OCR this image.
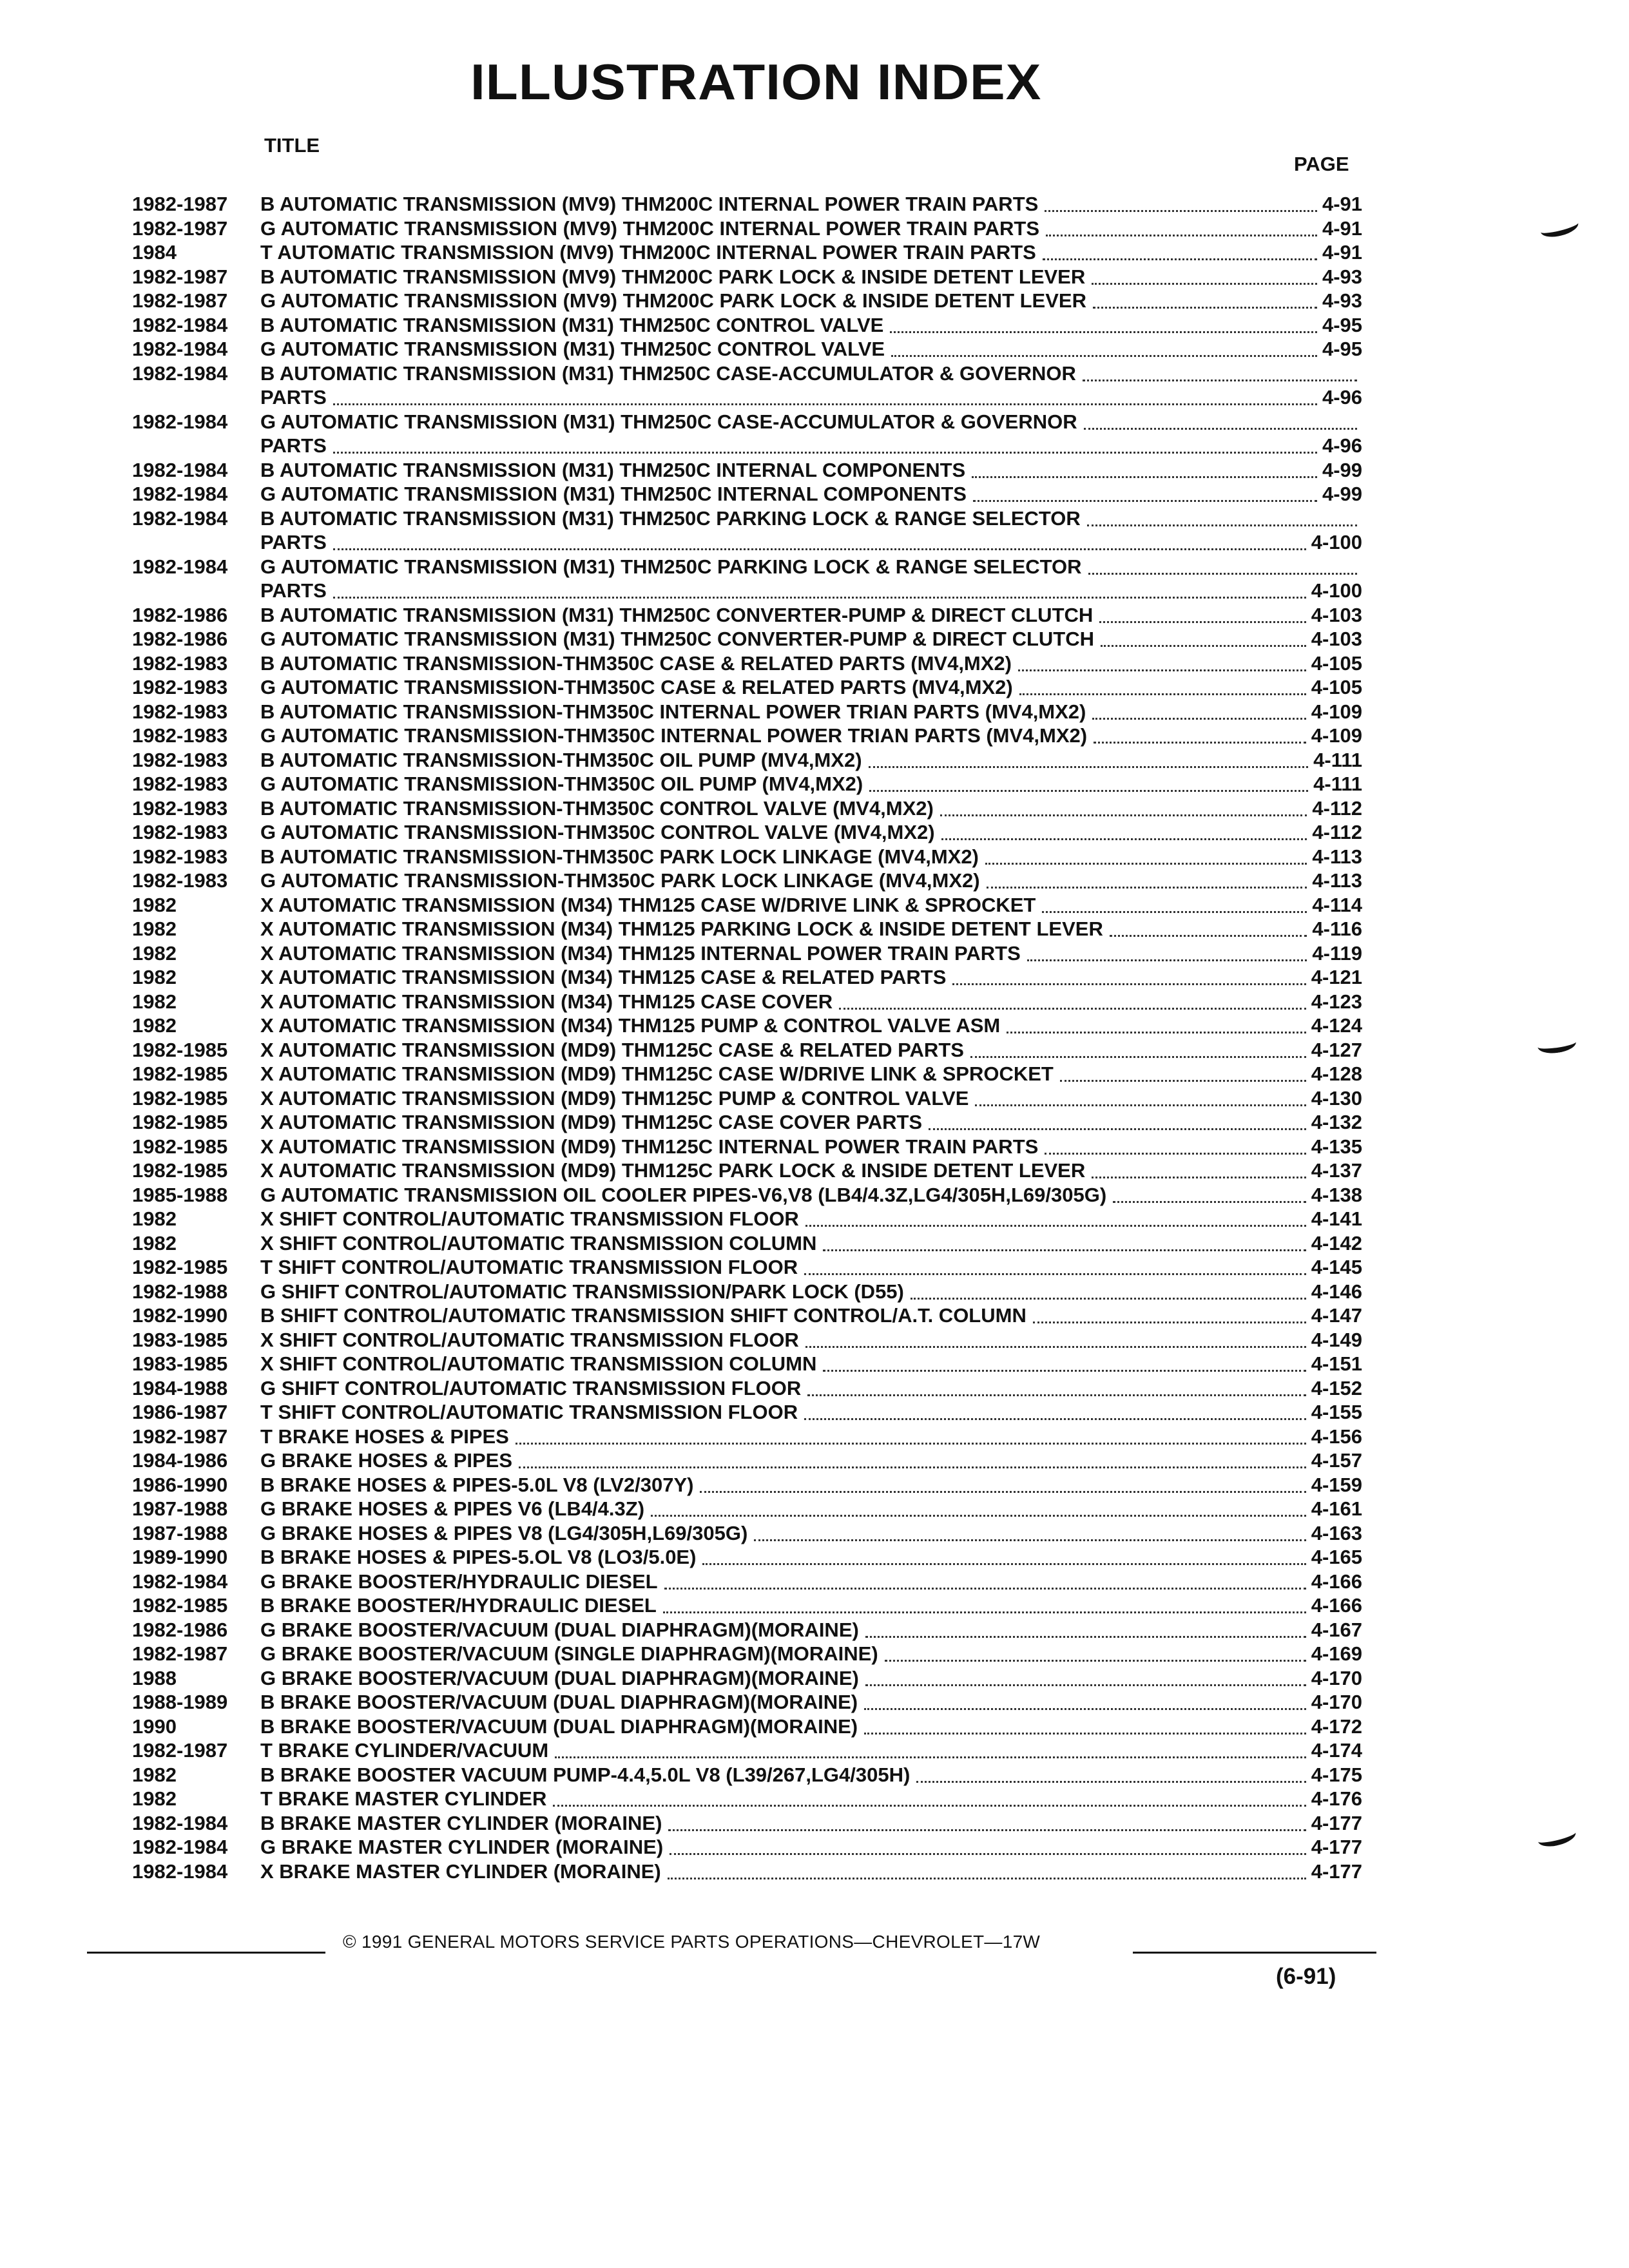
ILLUSTRATION INDEX
TITLE
PAGE
1982-1987 B AUTOMATIC TRANSMISSION (MV9) THM200C INTERNAL POWER TRAIN PARTS	4-91
1982-1987 G AUTOMATIC TRANSMISSION (MV9) THM200C INTERNAL POWER TRAIN PARTS	4-91
1984	T AUTOMATIC TRANSMISSION (MV9) THM200C INTERNAL POWER TRAIN PARTS	4-91
1982-1987 B AUTOMATIC TRANSMISSION (MV9) THM200C PARK LOCK & INSIDE DETENT LEVER	4-93
1982-1987 G AUTOMATIC TRANSMISSION (MV9) THM200C PARK LOCK & INSIDE DETENT LEVER	4-93
1982-1984 B AUTOMATIC TRANSMISSION (M31) THM250C CONTROL VALVE	4-95
1982-1984 G AUTOMATIC TRANSMISSION (M31) THM250C CONTROL VALVE	4-95
1982-1984 B AUTOMATIC TRANSMISSION (M31) THM250C CASE-ACCUMULATOR & GOVERNOR
PARTS	4-96
1982-1984 G AUTOMATIC TRANSMISSION (M31) THM250C CASE-ACCUMULATOR & GOVERNOR
PARTS	4-96
1982-1984 B AUTOMATIC TRANSMISSION (M31) THM250C INTERNAL COMPONENTS	4-99
1982-1984 G AUTOMATIC TRANSMISSION (M31) THM250C INTERNAL COMPONENTS	4-99
1982-1984 B AUTOMATIC TRANSMISSION (M31) THM250C PARKING LOCK & RANGE SELECTOR
PARTS	4-100
1982-1984 G AUTOMATIC TRANSMISSION (M31) THM250C PARKING LOCK & RANGE SELECTOR
PARTS	4-100
1982-1986 B AUTOMATIC TRANSMISSION (M31) THM250C CONVERTER-PUMP & DIRECT CLUTCH	4-103
1982-1986 G AUTOMATIC TRANSMISSION (M31) THM250C CONVERTER-PUMP & DIRECT CLUTCH	4-103
1982-1983 B AUTOMATIC TRANSMISSION-THM350C CASE & RELATED PARTS (MV4,MX2)	4-105
1982-1983 G AUTOMATIC TRANSMISSION-THM350C CASE & RELATED PARTS (MV4,MX2)	4-105
1982-1983 B AUTOMATIC TRANSMISSION-THM350C INTERNAL POWER TRIAN PARTS (MV4,MX2)	4-109
1982-1983 G AUTOMATIC TRANSMISSION-THM350C INTERNAL POWER TRIAN PARTS (MV4,MX2)	4-109
1982-1983 B AUTOMATIC TRANSMISSION-THM350C OIL PUMP (MV4,MX2)	4-111
1982-1983 G AUTOMATIC TRANSMISSION-THM350C OIL PUMP (MV4,MX2)	4-111
1982-1983 B AUTOMATIC TRANSMISSION-THM350C CONTROL VALVE (MV4,MX2)	4-112
1982-1983 G AUTOMATIC TRANSMISSION-THM350C CONTROL VALVE (MV4,MX2)	4-112
1982-1983 B AUTOMATIC TRANSMISSION-THM350C PARK LOCK LINKAGE (MV4,MX2)	4-113
1982-1983 G AUTOMATIC TRANSMISSION-THM350C PARK LOCK LINKAGE (MV4,MX2)	4-113
1982	X AUTOMATIC TRANSMISSION (M34) THM125 CASE W/DRIVE LINK & SPROCKET	4-114
1982	X AUTOMATIC TRANSMISSION (M34) THM125 PARKING LOCK & INSIDE DETENT LEVER	4-116
1982	X AUTOMATIC TRANSMISSION (M34) THM125 INTERNAL POWER TRAIN PARTS	4-119
1982	X AUTOMATIC TRANSMISSION (M34) THM125 CASE & RELATED PARTS	4-121
1982	X AUTOMATIC TRANSMISSION (M34) THM125 CASE COVER	4-123
1982	X AUTOMATIC TRANSMISSION (M34) THM125 PUMP & CONTROL VALVE ASM	4-124
1982-1985 X AUTOMATIC TRANSMISSION (MD9) THM125C CASE & RELATED PARTS	4-127
1982-1985 X AUTOMATIC TRANSMISSION (MD9) THM125C CASE W/DRIVE LINK & SPROCKET	4-128
1982-1985 X AUTOMATIC TRANSMISSION (MD9) THM125C PUMP & CONTROL VALVE	4-130
1982-1985 X AUTOMATIC TRANSMISSION (MD9) THM125C CASE COVER PARTS	4-132
1982-1985 X AUTOMATIC TRANSMISSION (MD9) THM125C INTERNAL POWER TRAIN PARTS	4-135
1982-1985 X AUTOMATIC TRANSMISSION (MD9) THM125C PARK LOCK & INSIDE DETENT LEVER	4-137
1985-1988 G AUTOMATIC TRANSMISSION OIL COOLER PIPES-V6,V8 (LB4/4.3Z,LG4/305H,L69/305G)	4-138
1982	X SHIFT CONTROL/AUTOMATIC TRANSMISSION FLOOR	4-141
1982	X SHIFT CONTROL/AUTOMATIC TRANSMISSION COLUMN	4-142
1982-1985 T SHIFT CONTROL/AUTOMATIC TRANSMISSION FLOOR	4-145
1982-1988 G SHIFT CONTROL/AUTOMATIC TRANSMISSION/PARK LOCK (D55)	4-146
1982-1990 B SHIFT CONTROL/AUTOMATIC TRANSMISSION SHIFT CONTROL/A.T. COLUMN	4-147
1983-1985 X SHIFT CONTROL/AUTOMATIC TRANSMISSION FLOOR	4-149
1983-1985 X SHIFT CONTROL/AUTOMATIC TRANSMISSION COLUMN	4-151
1984-1988 G SHIFT CONTROL/AUTOMATIC TRANSMISSION FLOOR	4-152
1986-1987 T SHIFT CONTROL/AUTOMATIC TRANSMISSION FLOOR	4-155
1982-1987 T BRAKE HOSES & PIPES	4-156
1984-1986 G BRAKE HOSES & PIPES	4-157
1986-1990 B BRAKE HOSES & PIPES-5.0L V8 (LV2/307Y)	4-159
1987-1988 G BRAKE HOSES & PIPES V6 (LB4/4.3Z)	4-161
1987-1988 G BRAKE HOSES & PIPES V8 (LG4/305H,L69/305G)	4-163
1989-1990 B BRAKE HOSES & PIPES-5.OL V8 (LO3/5.0E)	4-165
1982-1984 G BRAKE BOOSTER/HYDRAULIC DIESEL	4-166
1982-1985 B BRAKE BOOSTER/HYDRAULIC DIESEL	4-166
1982-1986 G BRAKE BOOSTER/VACUUM (DUAL DIAPHRAGM)(MORAINE)	4-167
1982-1987 G BRAKE BOOSTER/VACUUM (SINGLE DIAPHRAGM)(MORAINE)	4-169
1988	G BRAKE BOOSTER/VACUUM (DUAL DIAPHRAGM)(MORAINE)	4-170
1988-1989 B BRAKE BOOSTER/VACUUM (DUAL DIAPHRAGM)(MORAINE)	4-170
1990	B BRAKE BOOSTER/VACUUM (DUAL DIAPHRAGM)(MORAINE)	4-172
1982-1987 T BRAKE CYLINDER/VACUUM	4-174
1982	B BRAKE BOOSTER VACUUM PUMP-4.4,5.0L V8 (L39/267,LG4/305H)	4-175
1982	T BRAKE MASTER CYLINDER	4-176
1982-1984 B BRAKE MASTER CYLINDER (MORAINE)	4-177
1982-1984 G BRAKE MASTER CYLINDER (MORAINE)	4-177
1982-1984 X BRAKE MASTER CYLINDER (MORAINE)	4-177
© 1991 GENERAL MOTORS SERVICE PARTS OPERATIONS—CHEVROLET—17W
(6-91)
